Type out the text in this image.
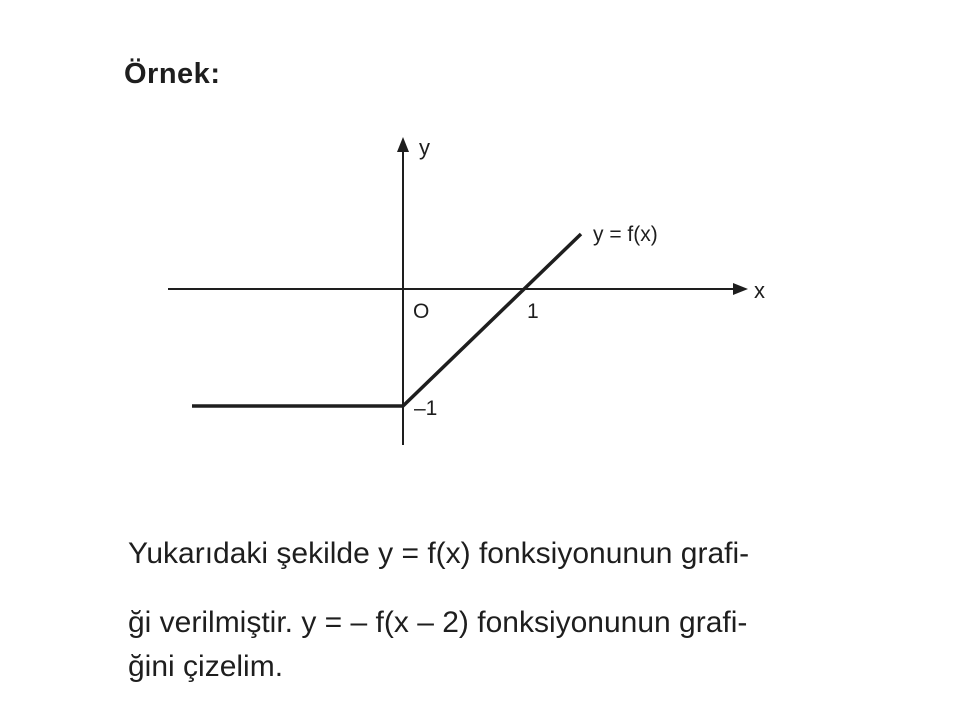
Örnek:
y
x
O	1
–1
y = f(x)
Yukarıdaki şekilde y = f(x) fonksiyonunun grafi-
ği verilmiştir. y = – f(x – 2) fonksiyonunun grafi-
ğini çizelim.
